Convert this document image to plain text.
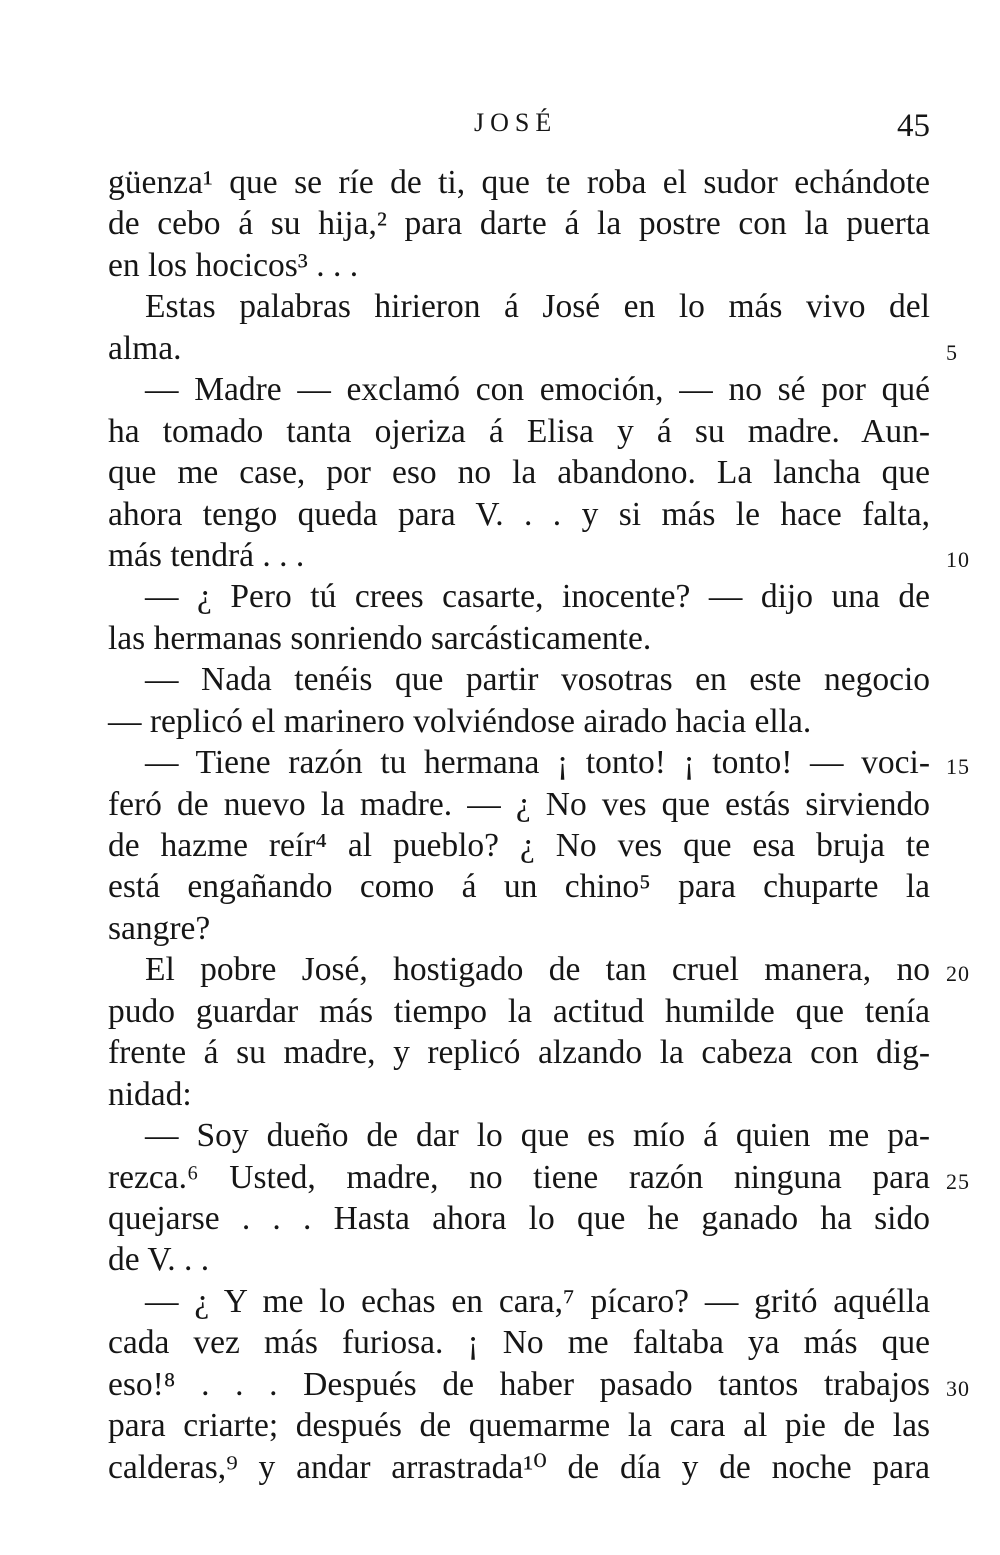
JOSÉ	45
güenza¹ que se ríe de ti, que te roba el sudor echándote
de cebo á su hija,² para darte á la postre con la puerta
en los hocicos³ . . .
Estas palabras hirieron á José en lo más vivo del
alma.	5
— Madre — exclamó con emoción, — no sé por qué
ha tomado tanta ojeriza á Elisa y á su madre. Aun-
que me case, por eso no la abandono. La lancha que
ahora tengo queda para V. . . y si más le hace falta,
más tendrá . . .	10
— ¿ Pero tú crees casarte, inocente? — dijo una de
las hermanas sonriendo sarcásticamente.
— Nada tenéis que partir vosotras en este negocio
— replicó el marinero volviéndose airado hacia ella.
— Tiene razón tu hermana ¡ tonto! ¡ tonto! — voci- 15
feró de nuevo la madre. — ¿ No ves que estás sirviendo
de hazme reír⁴ al pueblo? ¿ No ves que esa bruja te
está engañando como á un chino⁵ para chuparte la
sangre?
El pobre José, hostigado de tan cruel manera, no 20
pudo guardar más tiempo la actitud humilde que tenía
frente á su madre, y replicó alzando la cabeza con dig-
nidad:
— Soy dueño de dar lo que es mío á quien me pa-
rezca.⁶ Usted, madre, no tiene razón ninguna para 25
quejarse . . . Hasta ahora lo que he ganado ha sido
de V. . .
— ¿ Y me lo echas en cara,⁷ pícaro? — gritó aquélla
cada vez más furiosa. ¡ No me faltaba ya más que
eso!⁸ . . . Después de haber pasado tantos trabajos 30
para criarte; después de quemarme la cara al pie de las
calderas,⁹ y andar arrastrada¹⁰ de día y de noche para
